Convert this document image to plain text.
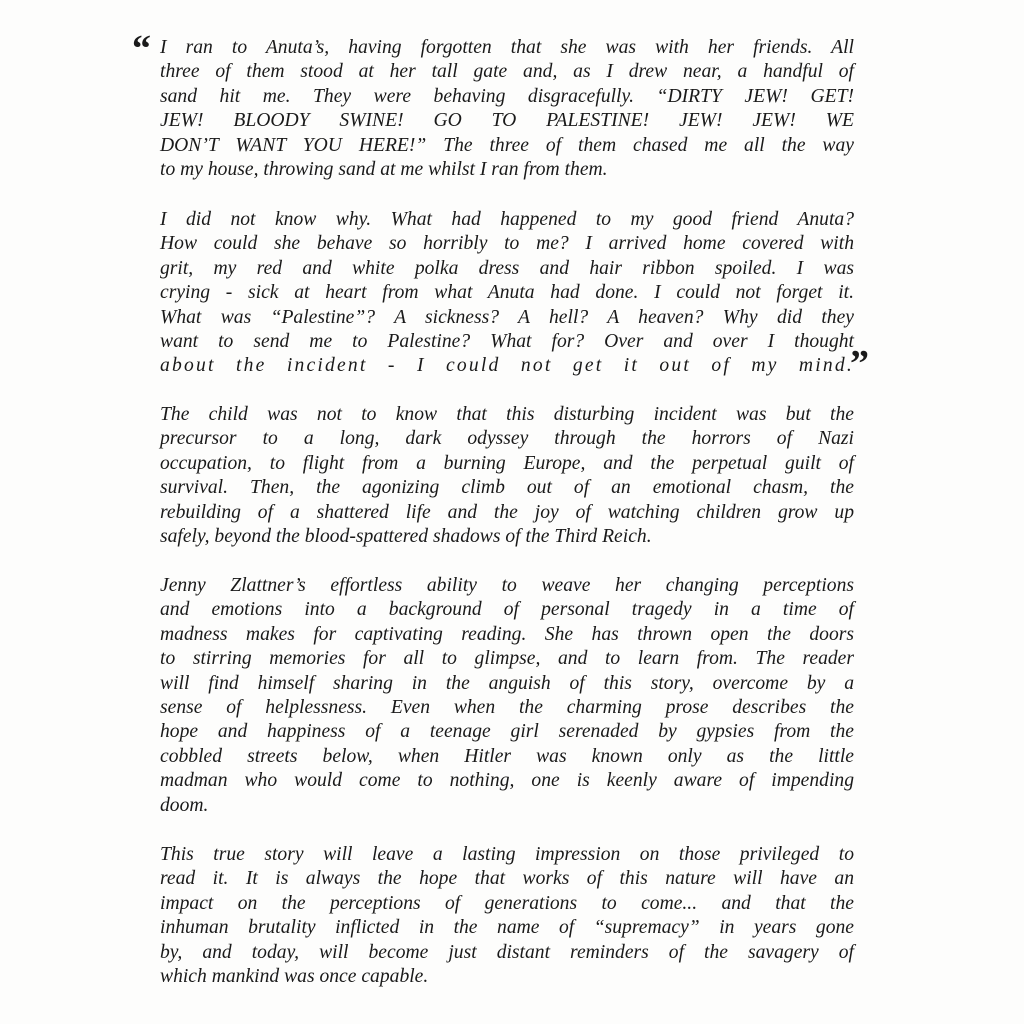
“
”
I ran to Anuta’s, having forgotten that she was with her friends. All
three of them stood at her tall gate and, as I drew near, a handful of
sand hit me. They were behaving disgracefully. “DIRTY JEW! GET!
JEW! BLOODY SWINE! GO TO PALESTINE! JEW! JEW! WE
DON’T WANT YOU HERE!” The three of them chased me all the way
to my house, throwing sand at me whilst I ran from them.
I did not know why. What had happened to my good friend Anuta?
How could she behave so horribly to me? I arrived home covered with
grit, my red and white polka dress and hair ribbon spoiled. I was
crying - sick at heart from what Anuta had done. I could not forget it.
What was “Palestine”? A sickness? A hell? A heaven? Why did they
want to send me to Palestine? What for? Over and over I thought
about the incident - I could not get it out of my mind.
The child was not to know that this disturbing incident was but the
precursor to a long, dark odyssey through the horrors of Nazi
occupation, to flight from a burning Europe, and the perpetual guilt of
survival. Then, the agonizing climb out of an emotional chasm, the
rebuilding of a shattered life and the joy of watching children grow up
safely, beyond the blood-spattered shadows of the Third Reich.
Jenny Zlattner’s effortless ability to weave her changing perceptions
and emotions into a background of personal tragedy in a time of
madness makes for captivating reading. She has thrown open the doors
to stirring memories for all to glimpse, and to learn from. The reader
will find himself sharing in the anguish of this story, overcome by a
sense of helplessness. Even when the charming prose describes the
hope and happiness of a teenage girl serenaded by gypsies from the
cobbled streets below, when Hitler was known only as the little
madman who would come to nothing, one is keenly aware of impending
doom.
This true story will leave a lasting impression on those privileged to
read it. It is always the hope that works of this nature will have an
impact on the perceptions of generations to come... and that the
inhuman brutality inflicted in the name of “supremacy” in years gone
by, and today, will become just distant reminders of the savagery of
which mankind was once capable.
